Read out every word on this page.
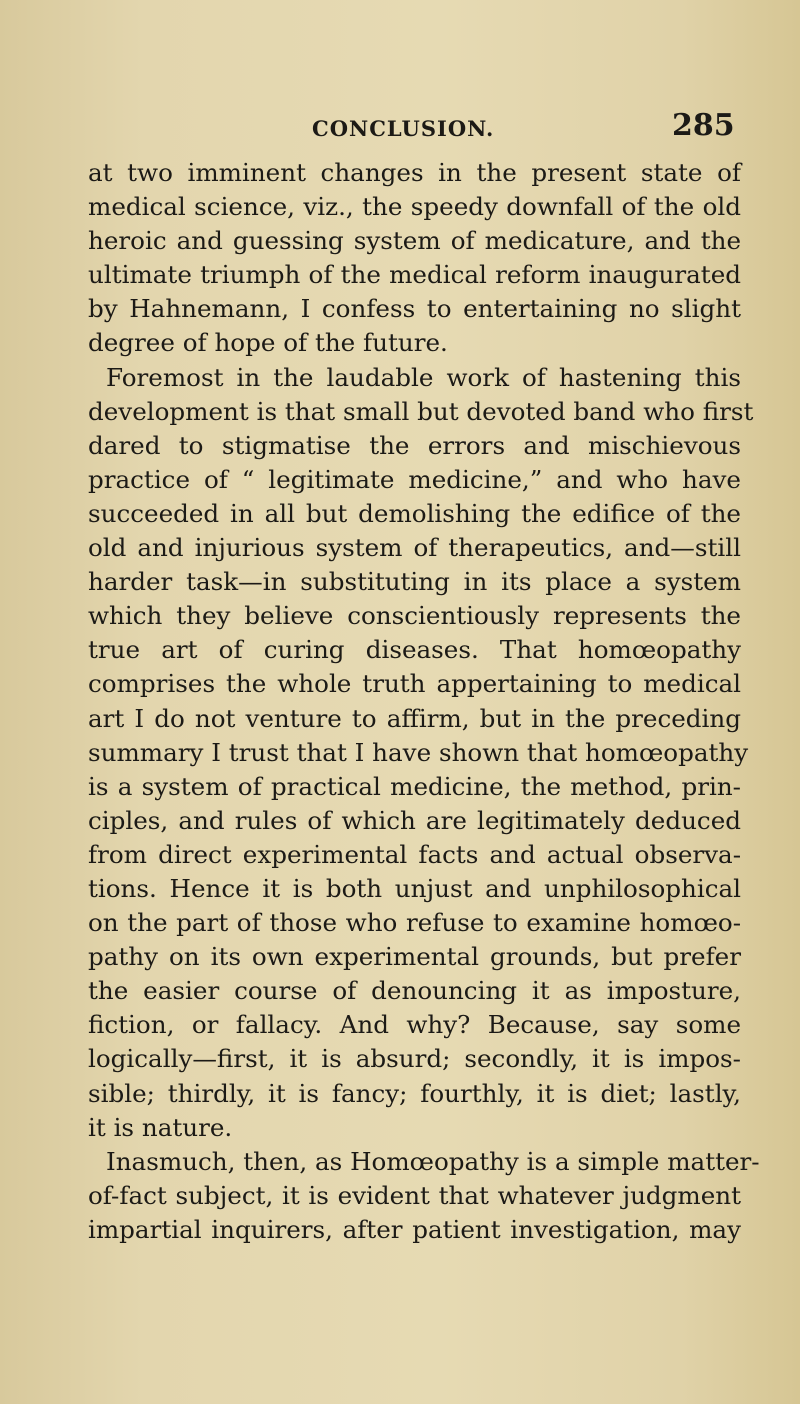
CONCLUSION.	285
at two imminent changes in the present state of
medical science, viz., the speedy downfall of the old
heroic and guessing system of medicature, and the
ultimate triumph of the medical reform inaugurated
by Hahnemann, I confess to entertaining no slight
degree of hope of the future.
Foremost in the laudable work of hastening this
development is that small but devoted band who first
dared to stigmatise the errors and mischievous
practice of “ legitimate medicine,” and who have
succeeded in all but demolishing the edifice of the
old and injurious system of therapeutics, and—still
harder task—in substituting in its place a system
which they believe conscientiously represents the
true art of curing diseases. That homœopathy
comprises the whole truth appertaining to medical
art I do not venture to affirm, but in the preceding
summary I trust that I have shown that homœopathy
is a system of practical medicine, the method, prin-
ciples, and rules of which are legitimately deduced
from direct experimental facts and actual observa-
tions. Hence it is both unjust and unphilosophical
on the part of those who refuse to examine homœo-
pathy on its own experimental grounds, but prefer
the easier course of denouncing it as imposture,
fiction, or fallacy. And why? Because, say some
logically—first, it is absurd; secondly, it is impos-
sible; thirdly, it is fancy; fourthly, it is diet; lastly,
it is nature.
Inasmuch, then, as Homœopathy is a simple matter-
of-fact subject, it is evident that whatever judgment
impartial inquirers, after patient investigation, may
